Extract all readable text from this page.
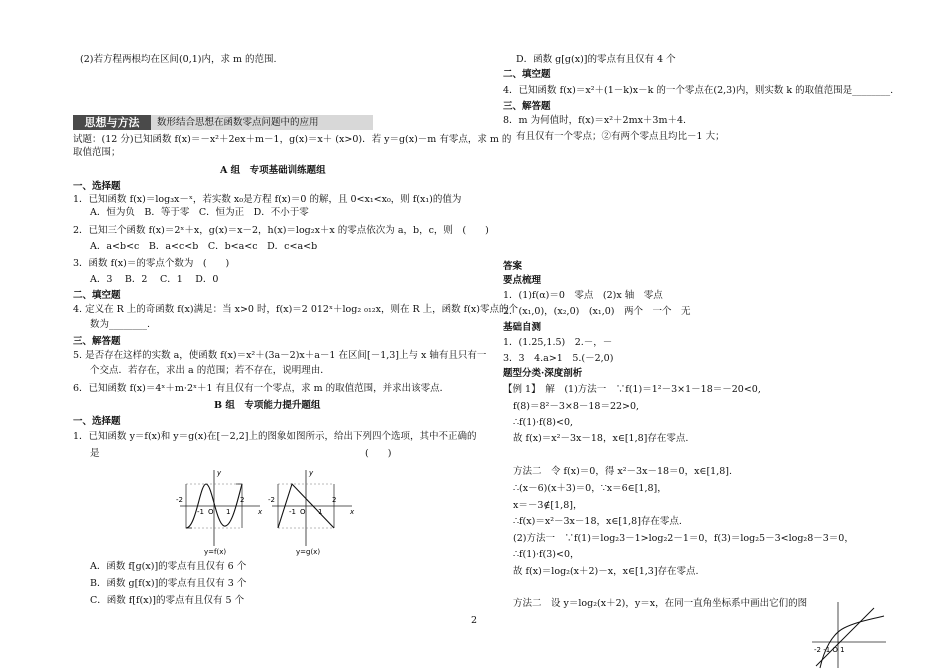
(2)若方程两根均在区间(0,1)内，求 m 的范围.
思想与方法	数形结合思想在函数零点问题中的应用
试题：(12 分)已知函数 f(x)＝－x²＋2ex＋m－1，g(x)＝x＋ (x>0)．若 y＝g(x)－m 有零点，求 m 的
取值范围；
A 组　专项基础训练题组
一、选择题
1．已知函数 f(x)＝log₃x－ˣ，若实数 x₀是方程 f(x)＝0 的解，且 0<x₁<x₀，则 f(x₁)的值为
A．恒为负　B．等于零　C．恒为正　D．不小于零
2．已知三个函数 f(x)＝2ˣ＋x，g(x)＝x－2，h(x)＝log₂x＋x 的零点依次为 a，b，c，则　(　　)
A．a<b<c　B．a<c<b　C．b<a<c　D．c<a<b
3．函数 f(x)＝的零点个数为　(　　)
A．3　 B．2　 C．1　 D．0
二、填空题
4. 定义在 R 上的奇函数 f(x)满足：当 x>0 时，f(x)＝2 012ˣ＋log₂ ₀₁₂x，则在 R 上，函数 f(x)零点的个
数为________.
三、解答题
5. 是否存在这样的实数 a，使函数 f(x)＝x²＋(3a－2)x＋a－1 在区间[－1,3]上与 x 轴有且只有一
个交点．若存在，求出 a 的范围；若不存在，说明理由．
6．已知函数 f(x)＝4ˣ＋m·2ˣ＋1 有且仅有一个零点，求 m 的取值范围，并求出该零点．
B 组　专项能力提升题组
一、选择题
1．已知函数 y＝f(x)和 y＝g(x)在[－2,2]上的图象如图所示，给出下列四个选项，其中不正确的
是	(　　)
-2
-1 O 1
2
x
y
y=f(x)
-2
-1 O 1
2
x
y
y=g(x)
A．函数 f[g(x)]的零点有且仅有 6 个
B．函数 g[f(x)]的零点有且仅有 3 个
C．函数 f[f(x)]的零点有且仅有 5 个
2
D．函数 g[g(x)]的零点有且仅有 4 个
二、填空题
4．已知函数 f(x)＝x²＋(1－k)x－k 的一个零点在(2,3)内，则实数 k 的取值范围是________.
三、解答题
8．m 为何值时，f(x)＝x²＋2mx＋3m＋4.
有且仅有一个零点；②有两个零点且均比－1 大；
答案
要点梳理
1．(1)f(α)＝0　零点　(2)x 轴　零点
2．(x₁,0)，(x₂,0)　(x₁,0)　两个　一个　无
基础自测
1．(1.25,1.5)　2.－，－
3．3　4.a>1　5.(－2,0)
题型分类·深度剖析
【例 1】　解　(1)方法一　∵f(1)＝1²－3×1－18＝－20<0,
f(8)＝8²－3×8－18＝22>0,
∴f(1)·f(8)<0,
故 f(x)＝x²－3x－18，x∈[1,8]存在零点.
方法二　令 f(x)＝0，得 x²－3x－18＝0，x∈[1,8].
∴(x－6)(x＋3)＝0，∵x＝6∈[1,8]，
x＝－3∉[1,8]，
∴f(x)＝x²－3x－18，x∈[1,8]存在零点.
(2)方法一　∵f(1)＝log₂3－1>log₂2－1＝0，f(3)＝log₂5－3<log₂8－3＝0，
∴f(1)·f(3)<0，
故 f(x)＝log₂(x＋2)－x，x∈[1,3]存在零点.
方法二　设 y＝log₂(x＋2)，y＝x，在同一直角坐标系中画出它们的图
-2 -1 O 1
